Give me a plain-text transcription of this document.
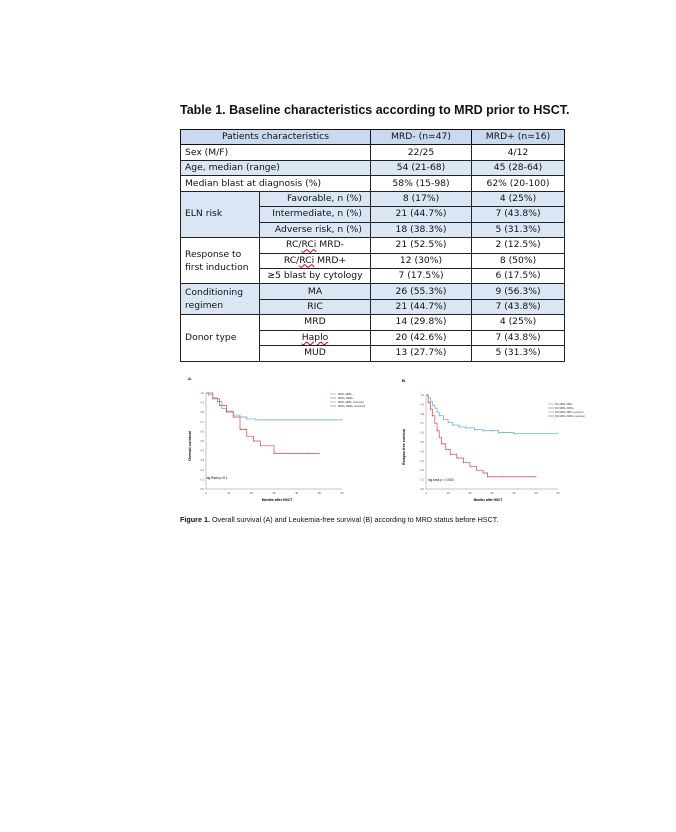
Table 1. Baseline characteristics according to MRD prior to HSCT.
Patients characteristics		MRD- (n=47)	MRD+ (n=16)
Sex (M/F)		22/25	4/12
Age, median (range)		54 (21-68)	45 (28-64)
Median blast at diagnosis (%)		58% (15-98)	62% (20-100)
ELN risk	Favorable, n (%)	8 (17%)	4 (25%)
	Intermediate, n (%)	21 (44.7%)	7 (43.8%)
	Adverse risk, n (%)	18 (38.3%)	5 (31.3%)

Response to
first induction	RC/RCi MRD-	21 (52.5%)	2 (12.5%)
	RC/RCi MRD+	12 (30%)	8 (50%)
	≥5 blast by cytology	7 (17.5%)	6 (17.5%)

Conditioning
regimen	MA	26 (55.3%)	9 (56.3%)
	RIC	21 (44.7%)	7 (43.8%)
Donor type	MRD	14 (29.8%)	4 (25%)
	Haplo	20 (42.6%)	7 (43.8%)
	MUD	13 (27.7%)	5 (31.3%)
A.
Overall survival
Months after HSCT
log Rank p=0.1
MRD- MRD-
MRD+ MRD+
MRD- MRD- censored
MRD+ MRD+ censored
0.0
0.1
0.2
0.3
0.4
0.5
0.6
0.7
0.8
0.9
1.0
0	10	20	30	40	50	60
B.
Relapse-free survival
Months after HSCT
log rank p = 0.003
RCi MRD- MRD-
RCi MRD+ MRD+
RCi MRD- MRD- censored
RCi MRD+ MRD+ censored
0.0
0.1
0.2
0.3
0.4
0.5
0.6
0.7
0.8
0.9
1.0
0	10	20	30	40	50	60

Figure 1. Overall survival (A) and Leukemia-free survival (B) according to MRD status before HSCT.
